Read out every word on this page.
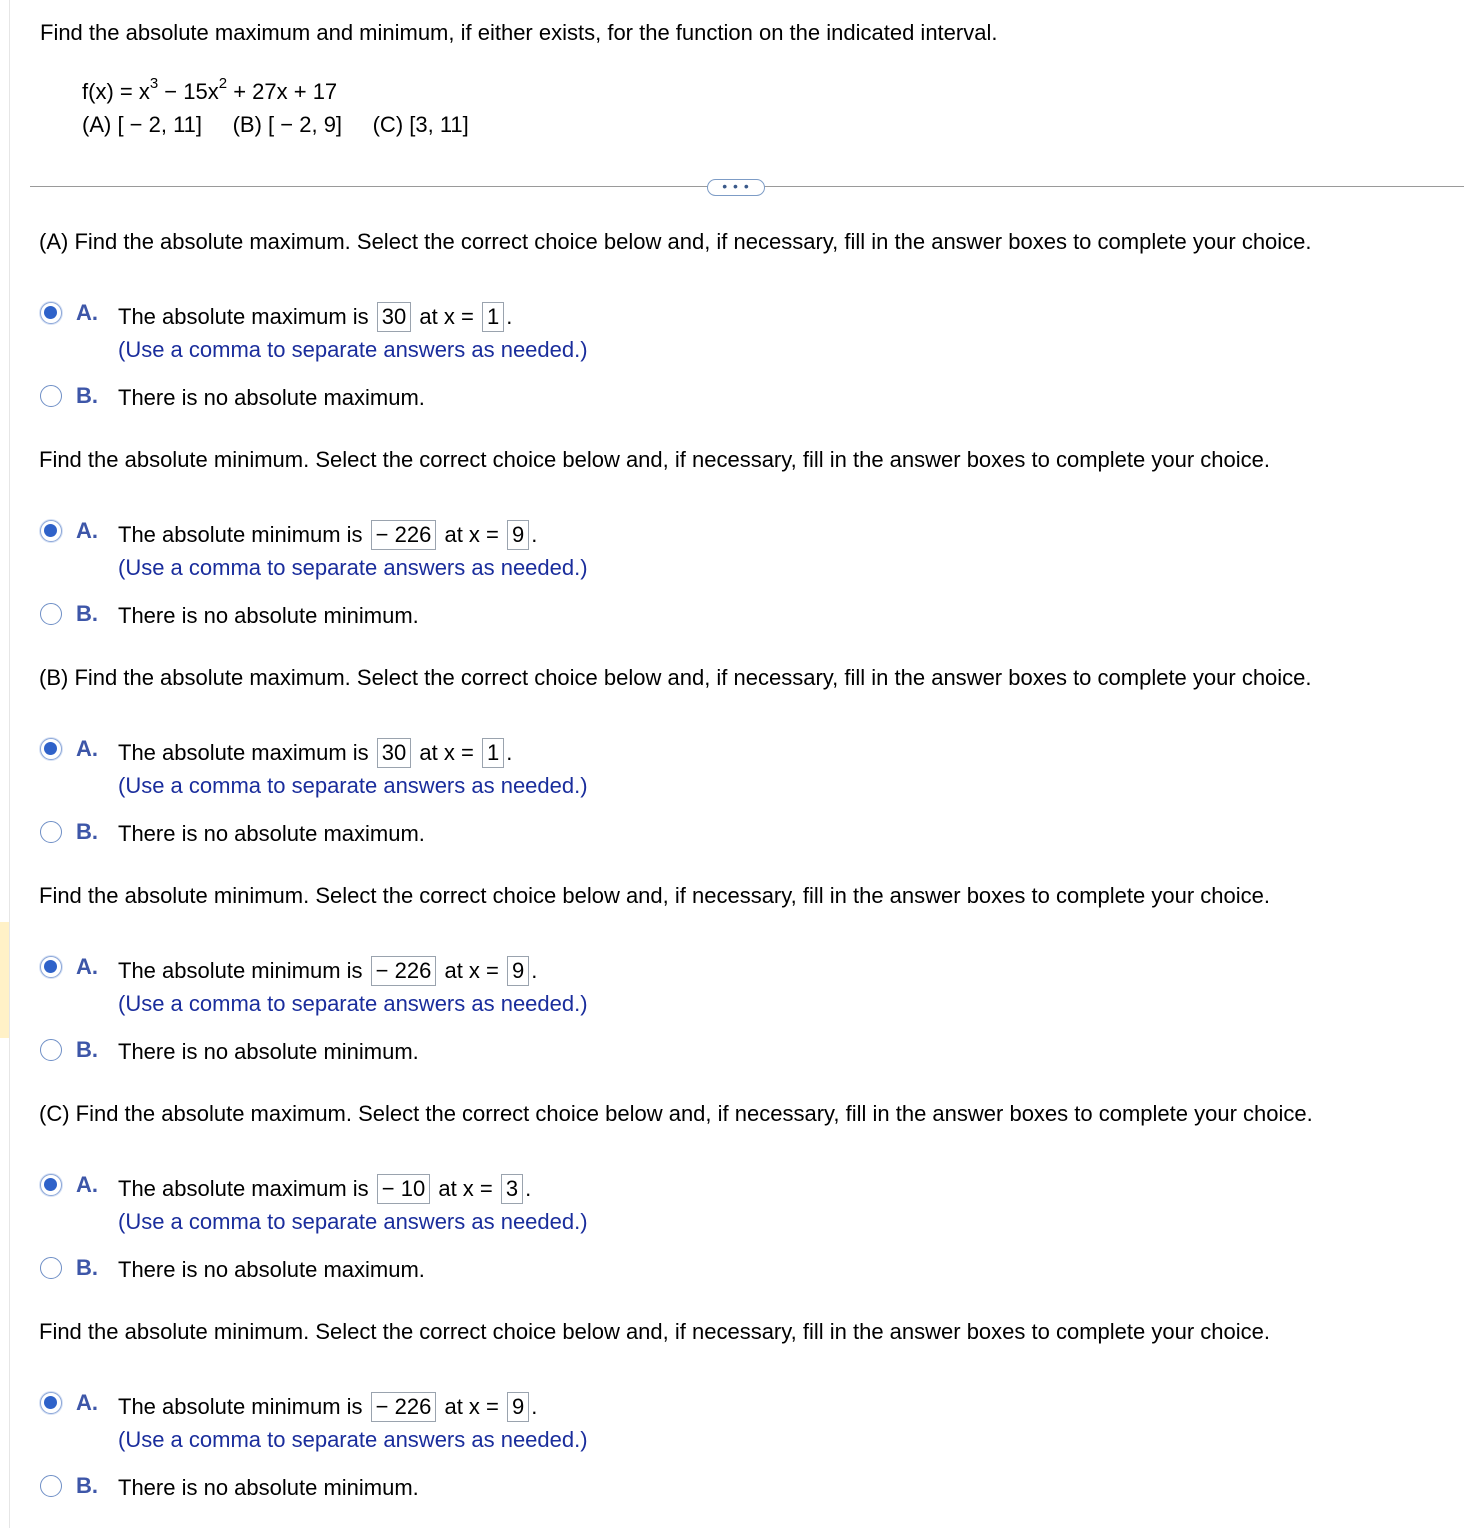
Find the absolute maximum and minimum, if either exists, for the function on the indicated interval.
$f(x) = x^3 - 15x^2 + 27x + 17$
(A) [ − 2, 11] (B) [ − 2, 9] (C) [3, 11]
• • •
(A) Find the absolute maximum. Select the correct choice below and, if necessary, fill in the answer boxes to complete your choice.
A. The absolute maximum is 30 at x = 1 .
(Use a comma to separate answers as needed.)
B. There is no absolute maximum.
Find the absolute minimum. Select the correct choice below and, if necessary, fill in the answer boxes to complete your choice.
A. The absolute minimum is − 226 at x = 9 .
(Use a comma to separate answers as needed.)
B. There is no absolute minimum.
(B) Find the absolute maximum. Select the correct choice below and, if necessary, fill in the answer boxes to complete your choice.
A. The absolute maximum is 30 at x = 1 .
(Use a comma to separate answers as needed.)
B. There is no absolute maximum.
Find the absolute minimum. Select the correct choice below and, if necessary, fill in the answer boxes to complete your choice.
A. The absolute minimum is − 226 at x = 9 .
(Use a comma to separate answers as needed.)
B. There is no absolute minimum.
(C) Find the absolute maximum. Select the correct choice below and, if necessary, fill in the answer boxes to complete your choice.
A. The absolute maximum is − 10 at x = 3 .
(Use a comma to separate answers as needed.)
B. There is no absolute maximum.
Find the absolute minimum. Select the correct choice below and, if necessary, fill in the answer boxes to complete your choice.
A. The absolute minimum is − 226 at x = 9 .
(Use a comma to separate answers as needed.)
B. There is no absolute minimum.
